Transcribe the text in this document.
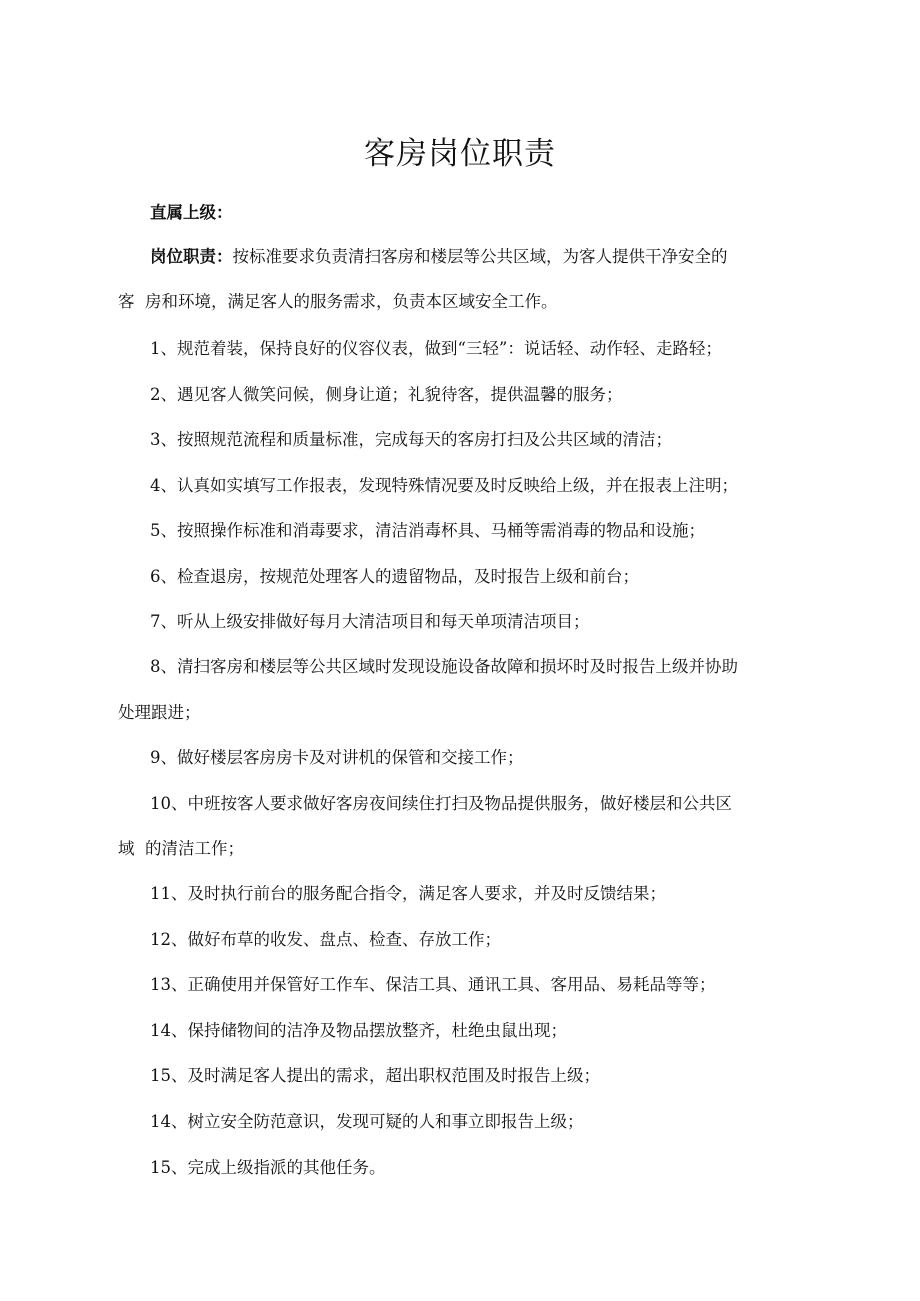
客房岗位职责

直属上级：

岗位职责：按标准要求负责清扫客房和楼层等公共区域，为客人提供干净安全的

客  房和环境，满足客人的服务需求，负责本区域安全工作。

1、规范着装，保持良好的仪容仪表，做到“三轻”：说话轻、动作轻、走路轻；

2、遇见客人微笑问候，侧身让道；礼貌待客，提供温馨的服务；

3、按照规范流程和质量标准，完成每天的客房打扫及公共区域的清洁；

4、认真如实填写工作报表，发现特殊情况要及时反映给上级，并在报表上注明；

5、按照操作标准和消毒要求，清洁消毒杯具、马桶等需消毒的物品和设施；

6、检查退房，按规范处理客人的遗留物品，及时报告上级和前台；

7、听从上级安排做好每月大清洁项目和每天单项清洁项目；

8、清扫客房和楼层等公共区域时发现设施设备故障和损坏时及时报告上级并协助

处理跟进；

9、做好楼层客房房卡及对讲机的保管和交接工作；

10、中班按客人要求做好客房夜间续住打扫及物品提供服务，做好楼层和公共区

域  的清洁工作；

11、及时执行前台的服务配合指令，满足客人要求，并及时反馈结果；

12、做好布草的收发、盘点、检查、存放工作；

13、正确使用并保管好工作车、保洁工具、通讯工具、客用品、易耗品等等；

14、保持储物间的洁净及物品摆放整齐，杜绝虫鼠出现；

15、及时满足客人提出的需求，超出职权范围及时报告上级；

14、树立安全防范意识，发现可疑的人和事立即报告上级；

15、完成上级指派的其他任务。
